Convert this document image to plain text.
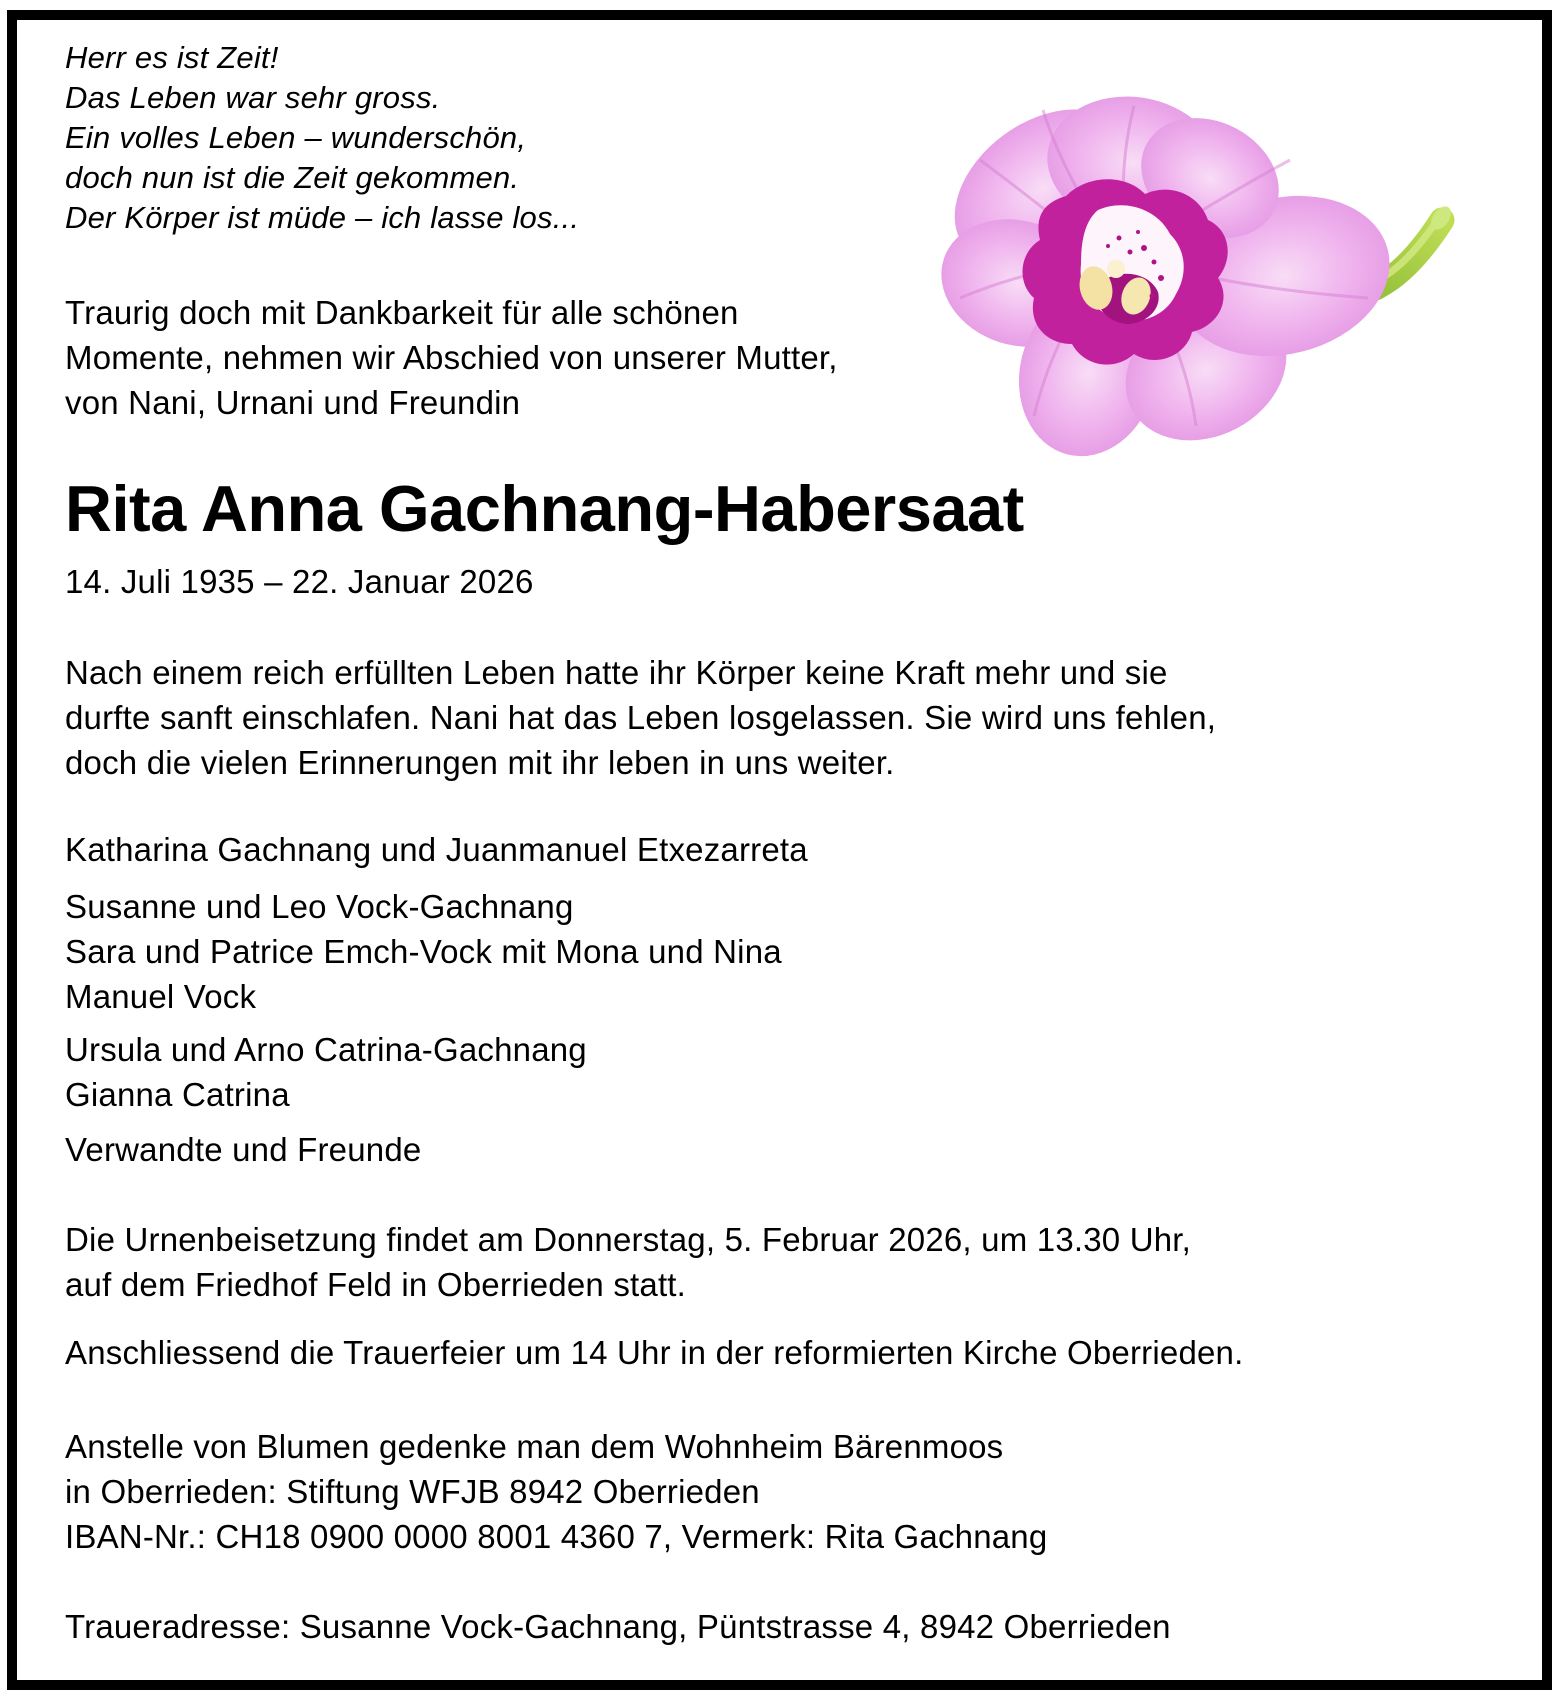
Herr es ist Zeit!
Das Leben war sehr gross.
Ein volles Leben – wunderschön,
doch nun ist die Zeit gekommen.
Der Körper ist müde – ich lasse los...
Traurig doch mit Dankbarkeit für alle schönen
Momente, nehmen wir Abschied von unserer Mutter,
von Nani, Urnani und Freundin
Rita Anna Gachnang-Habersaat
14. Juli 1935 – 22. Januar 2026
Nach einem reich erfüllten Leben hatte ihr Körper keine Kraft mehr und sie
durfte sanft einschlafen. Nani hat das Leben losgelassen. Sie wird uns fehlen,
doch die vielen Erinnerungen mit ihr leben in uns weiter.
Katharina Gachnang und Juanmanuel Etxezarreta
Susanne und Leo Vock-Gachnang
Sara und Patrice Emch-Vock mit Mona und Nina
Manuel Vock
Ursula und Arno Catrina-Gachnang
Gianna Catrina
Verwandte und Freunde
Die Urnenbeisetzung findet am Donnerstag, 5. Februar 2026, um 13.30 Uhr,
auf dem Friedhof Feld in Oberrieden statt.
Anschliessend die Trauerfeier um 14 Uhr in der reformierten Kirche Oberrieden.
Anstelle von Blumen gedenke man dem Wohnheim Bärenmoos
in Oberrieden: Stiftung WFJB 8942 Oberrieden
IBAN-Nr.: CH18 0900 0000 8001 4360 7, Vermerk: Rita Gachnang
Traueradresse: Susanne Vock-Gachnang, Püntstrasse 4, 8942 Oberrieden
